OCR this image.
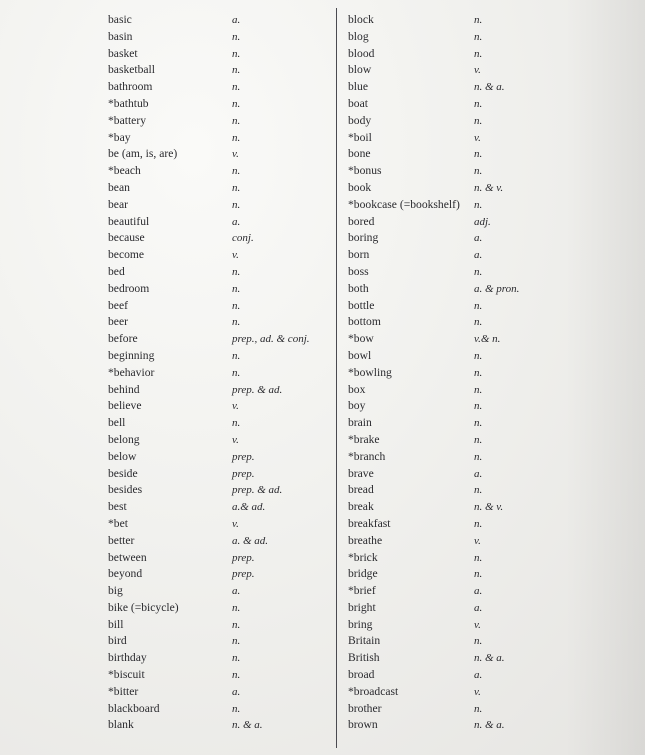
basic	a.
basin	n.
basket	n.
basketball	n.
bathroom	n.
*bathtub	n.
*battery	n.
*bay	n.
be (am, is, are)	v.
*beach	n.
bean	n.
bear	n.
beautiful	a.
because	conj.
become	v.
bed	n.
bedroom	n.
beef	n.
beer	n.
before	prep., ad. & conj.
beginning	n.
*behavior	n.
behind	prep. & ad.
believe	v.
bell	n.
belong	v.
below	prep.
beside	prep.
besides	prep. & ad.
best	a.& ad.
*bet	v.
better	a. & ad.
between	prep.
beyond	prep.
big	a.
bike (=bicycle)	n.
bill	n.
bird	n.
birthday	n.
*biscuit	n.
*bitter	a.
blackboard	n.
blank	n. & a.
block	n.
blog	n.
blood	n.
blow	v.
blue	n. & a.
boat	n.
body	n.
*boil	v.
bone	n.
*bonus	n.
book	n. & v.
*bookcase (=bookshelf) n.
bored	adj.
boring	a.
born	a.
boss	n.
both	a. & pron.
bottle	n.
bottom	n.
*bow	v.& n.
bowl	n.
*bowling	n.
box	n.
boy	n.
brain	n.
*brake	n.
*branch	n.
brave	a.
bread	n.
break	n. & v.
breakfast	n.
breathe	v.
*brick	n.
bridge	n.
*brief	a.
bright	a.
bring	v.
Britain	n.
British	n. & a.
broad	a.
*broadcast	v.
brother	n.
brown	n. & a.
